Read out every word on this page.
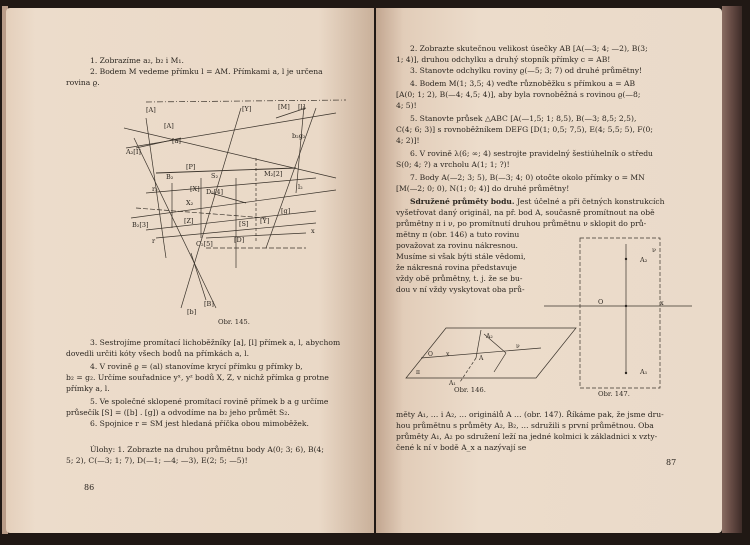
1. Zobrazíme a₂, b₂ i M₁.
2. Bodem M vedeme přímku l = AM. Přímkami a, l je určena
rovina ϱ.
[A]	[Y]	[M] [l]
[A]
[a]
b₂g₂
A₂[I]
[P]
S₂	M₂[2]
r₂
B₂
[X] D₂[4]
l₂
x
X₂
B₂[3]	[Z]	[S] [Y]
[g]
C₂[5]	[D]
r
[b]
[B]
Obr. 145.
3. Sestrojíme promítací lichoběžníky [a], [l] přímek a, l, abychom
dovedli určiti kóty všech bodů na přímkách a, l.
4. V rovině ϱ = (al) stanovíme krycí přímku g přímky b,
b₂ = g₂. Určíme souřadnice yˣ, yᶻ bodů X, Z, v nichž přímka g protne
přímky a, l.
5. Ve společné sklopené promítací rovině přímek b a g určíme
průsečík [S] = ([b] . [g]) a odvodíme na b₂ jeho průmět S₂.
6. Spojnice r = SM jest hledaná příčka obou mimoběžek.
Úlohy: 1. Zobrazte na druhou průmětnu body A(0; 3; 6), B(4;
5; 2), C(—3; 1; 7), D(—1; —4; —3), E(2; 5; —5)!
86
2. Zobrazte skutečnou velikost úsečky AB [A(—3; 4; —2), B(3;
1; 4)], druhou odchylku a druhý stopník přímky c = AB!
3. Stanovte odchylku roviny ϱ(—5; 3; 7) od druhé průmětny!
4. Bodem M(1; 3,5; 4) veďte různoběžku s přímkou a = AB
[A(0; 1; 2), B(—4; 4,5; 4)], aby byla rovnoběžná s rovinou ϱ(—8;
4; 5)!
5. Stanovte průsek △ABC [A(—1,5; 1; 8,5), B(—3; 8,5; 2,5),
C(4; 6; 3)] s rovnoběžníkem DEFG [D(1; 0,5; 7,5), E(4; 5,5; 5), F(0;
4; 2)]!
6. V rovině λ(6; ∞; 4) sestrojte pravidelný šestiúhelník o středu
S(0; 4; ?) a vrcholu A(1; 1; ?)!
7. Body A(—2; 3; 5), B(—3; 4; 0) otočte okolo přímky o = MN
[M(—2; 0; 0), N(1; 0; 4)] do druhé průmětny!
Sdružené průměty bodu. Jest účelné a při četných konstrukcích
vyšetřovat daný originál, na př. bod A, současně promítnout na obě
průmětny π i ν, po promítnutí druhou průmětnu ν sklopit do prů-
mětny π (obr. 146) a tuto rovinu
považovat za rovinu nákresnou.
Musíme si však býti stále vědomi,
že nákresná rovina představuje
vždy obě průmětny, t. j. že se bu-
dou v ní vždy vyskytovat oba prů-
ν
A₂
O	x
A₁
Obr. 147.
A₂
A
A₁
O x
ν
π
Obr. 146.
měty A₁, … i A₂, … originálů A … (obr. 147). Říkáme pak, že jsme dru-
hou průmětnu s průměty A₂, B₂, … sdružili s první průmětnou. Oba
průměty A₁, A₂ po sdružení leží na jedné kolmici k základnici x vzty-
čené k ní v bodě A_x a nazývají se
87
